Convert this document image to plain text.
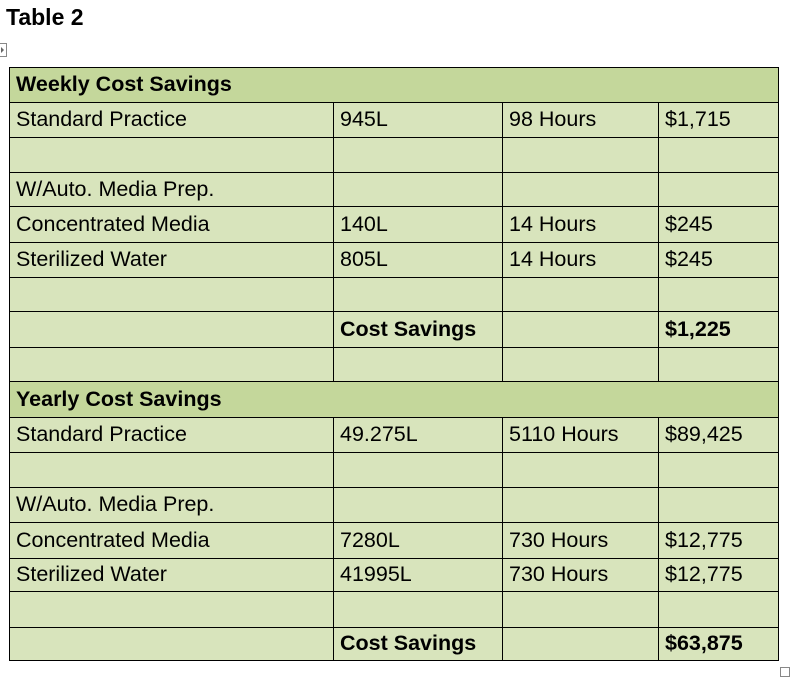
Table 2
Weekly Cost Savings			
Standard Practice	945L	98 Hours	$1,715

W/Auto. Media Prep.			
Concentrated Media	140L	14 Hours	$245
Sterilized Water	805L	14 Hours	$245

	Cost Savings		$1,225

Yearly Cost Savings			
Standard Practice	49.275L	5110 Hours	$89,425

W/Auto. Media Prep.			
Concentrated Media	7280L	730 Hours	$12,775
Sterilized Water	41995L	730 Hours	$12,775

	Cost Savings		$63,875
